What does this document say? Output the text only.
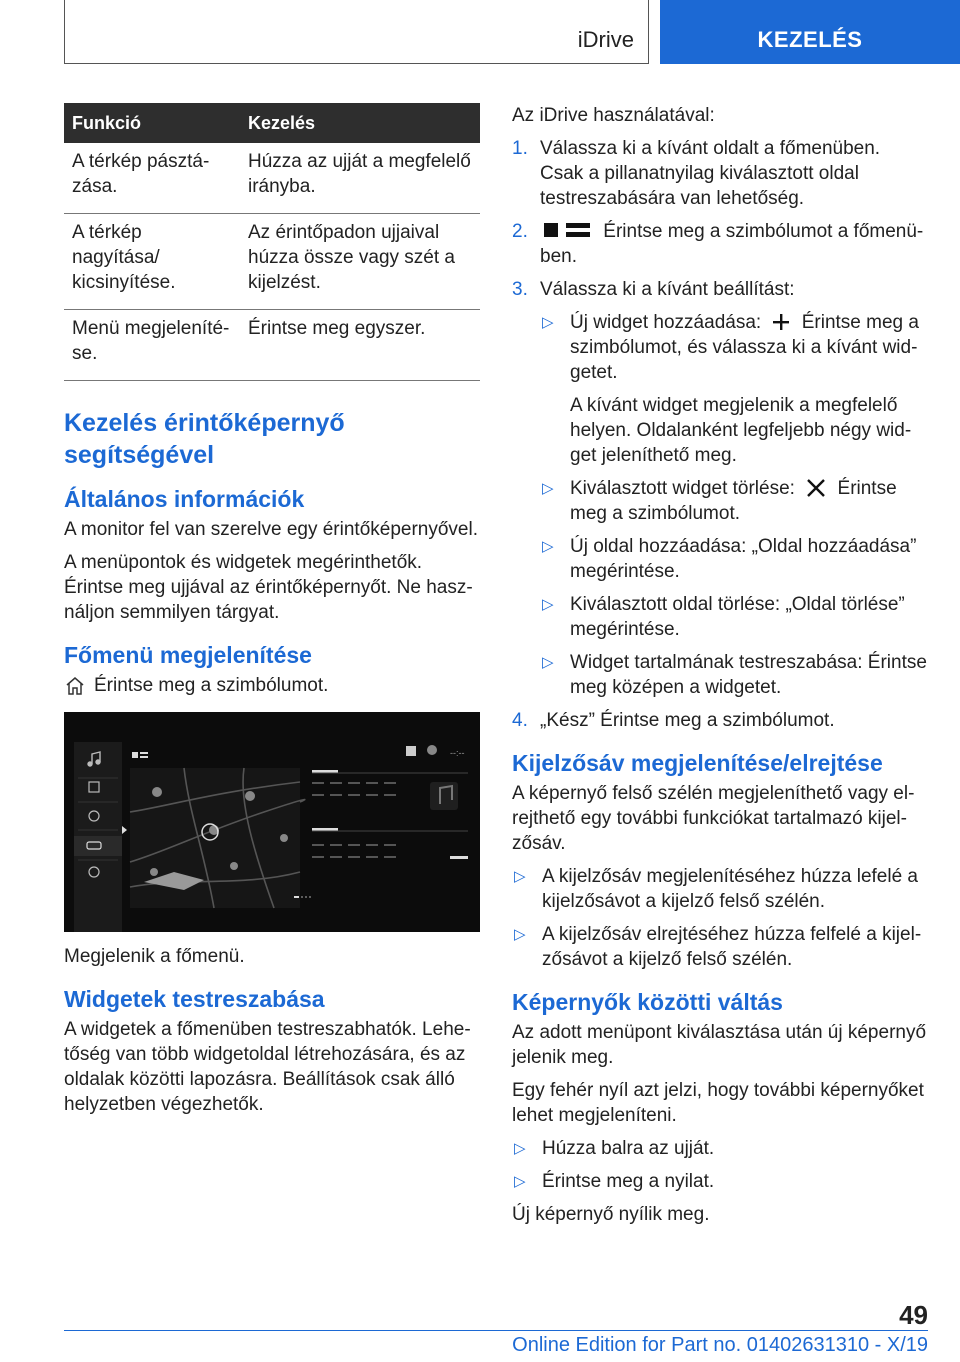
iDrive	KEZELÉS
Funkció	Kezelés
A térkép pásztázása.	Húzza az ujját a megfelelő irányba.
A térkép nagyítása/ kicsinyítése.	Az érintőpadon ujjaival húzza össze vagy szét a kijelzést.
Menü megjelenítése.	Érintse meg egyszer.
Kezelés érintőképernyő segítségével
Általános információk

A monitor fel van szerelve egy érintőképernyővel.

A menüpontok és widgetek megérinthetők. Érintse meg ujjával az érintőképernyőt. Ne használjon semmilyen tárgyat.

Főmenü megjelenítése
Érintse meg a szimbólumot.
--:--

Megjelenik a főmenü.

Widgetek testreszabása

A widgetek a főmenüben testreszabhatók. Lehetőség van több widgetoldal létrehozására, és az oldalak közötti lapozásra. Beállítások csak álló helyzetben végezhetők.

Az iDrive használatával:

1. Válassza ki a kívánt oldalt a főmenüben. Csak a pillanatnyilag kiválasztott oldal testreszabására van lehetőség.
2.	Érintse meg a szimbólumot a főmenüben.
3. Válassza ki a kívánt beállítást:
▷ Új widget hozzáadása: Érintse meg a szimbólumot, és válassza ki a kívánt widgetet.
A kívánt widget megjelenik a megfelelő helyen. Oldalanként legfeljebb négy widget jeleníthető meg.
▷ Kiválasztott widget törlése: Érintse meg a szimbólumot.
▷ Új oldal hozzáadása: „Oldal hozzáadása” megérintése.
▷ Kiválasztott oldal törlése: „Oldal törlése” megérintése.
▷ Widget tartalmának testreszabása: Érintse meg középen a widgetet.
4. „Kész” Érintse meg a szimbólumot.
Kijelzősáv megjelenítése/elrejtése

A képernyő felső szélén megjeleníthető vagy elrejthető egy további funkciókat tartalmazó kijelzősáv.

▷ A kijelzősáv megjelenítéséhez húzza lefelé a kijelzősávot a kijelző felső szélén.
▷ A kijelzősáv elrejtéséhez húzza felfelé a kijelzősávot a kijelző felső szélén.
Képernyők közötti váltás

Az adott menüpont kiválasztása után új képernyő jelenik meg.

Egy fehér nyíl azt jelzi, hogy további képernyőket lehet megjeleníteni.

▷ Húzza balra az ujját.
▷ Érintse meg a nyilat.

Új képernyő nyílik meg.

49
Online Edition for Part no. 01402631310 - X/19
